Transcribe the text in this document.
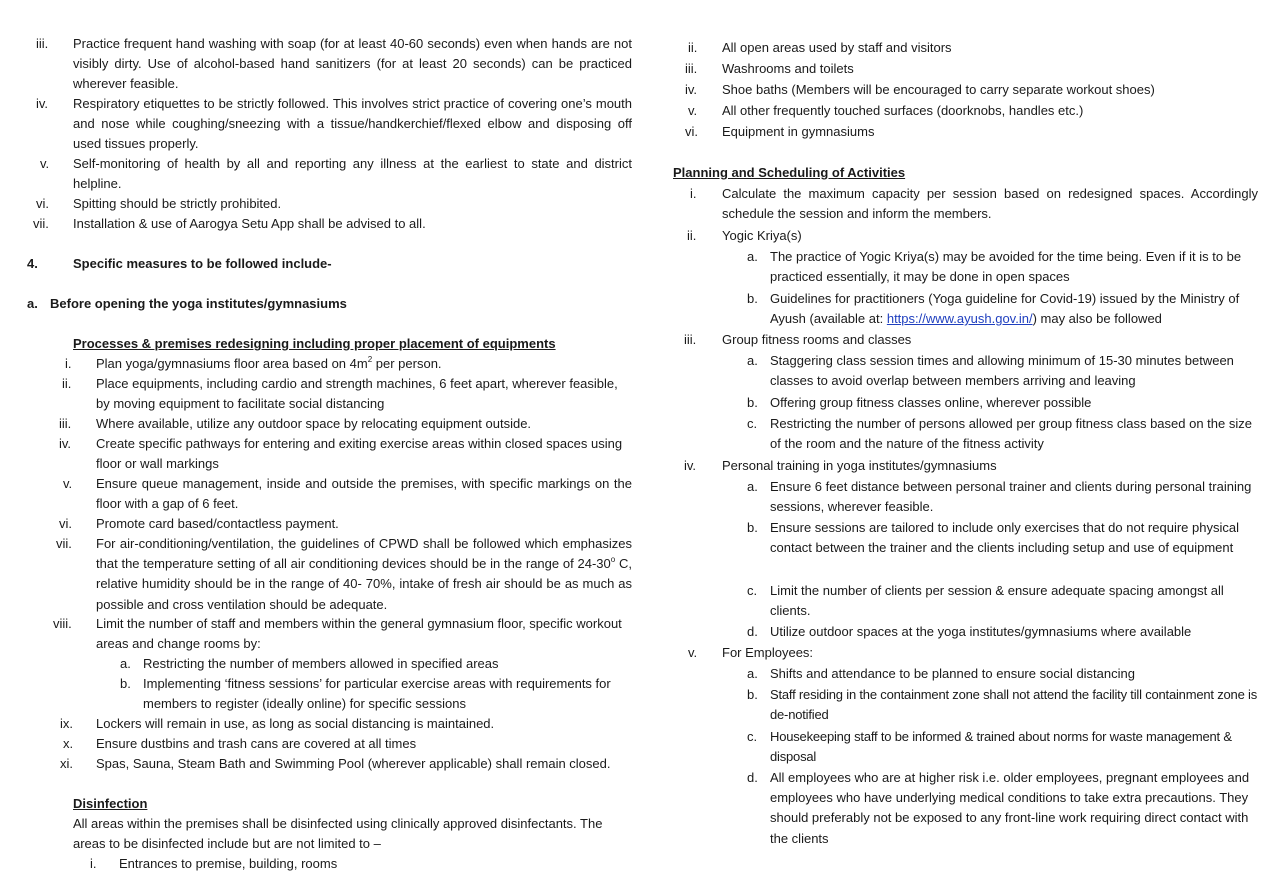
iii. Practice frequent hand washing with soap (for at least 40-60 seconds) even when hands are not visibly dirty. Use of alcohol-based hand sanitizers (for at least 20 seconds) can be practiced wherever feasible.
iv. Respiratory etiquettes to be strictly followed. This involves strict practice of covering one’s mouth and nose while coughing/sneezing with a tissue/handkerchief/flexed elbow and disposing off used tissues properly.
v. Self-monitoring of health by all and reporting any illness at the earliest to state and district helpline.
vi. Spitting should be strictly prohibited.
vii. Installation & use of Aarogya Setu App shall be advised to all.
4.	Specific measures to be followed include-
a. Before opening the yoga institutes/gymnasiums
Processes & premises redesigning including proper placement of equipments
i. Plan yoga/gymnasiums floor area based on $4m^2$ per person.
ii. Place equipments, including cardio and strength machines, 6 feet apart, wherever feasible, by moving equipment to facilitate social distancing
iii. Where available, utilize any outdoor space by relocating equipment outside.
iv. Create specific pathways for entering and exiting exercise areas within closed spaces using floor or wall markings
v. Ensure queue management, inside and outside the premises, with specific markings on the floor with a gap of 6 feet.
vi. Promote card based/contactless payment.
vii. For air-conditioning/ventilation, the guidelines of CPWD shall be followed which emphasizes that the temperature setting of all air conditioning devices should be in the range of 24-30$^o$ C, relative humidity should be in the range of 40- 70%, intake of fresh air should be as much as possible and cross ventilation should be adequate.
viii. Limit the number of staff and members within the general gymnasium floor, specific workout areas and change rooms by:
a. Restricting the number of members allowed in specified areas
b. Implementing ‘fitness sessions’ for particular exercise areas with requirements for members to register (ideally online) for specific sessions
ix. Lockers will remain in use, as long as social distancing is maintained.
x. Ensure dustbins and trash cans are covered at all times
xi. Spas, Sauna, Steam Bath and Swimming Pool (wherever applicable) shall remain closed.
Disinfection
All areas within the premises shall be disinfected using clinically approved disinfectants. The areas to be disinfected include but are not limited to –
i. Entrances to premise, building, rooms
ii. All open areas used by staff and visitors
iii. Washrooms and toilets
iv. Shoe baths (Members will be encouraged to carry separate workout shoes)
v. All other frequently touched surfaces (doorknobs, handles etc.)
vi. Equipment in gymnasiums
Planning and Scheduling of Activities
i. Calculate the maximum capacity per session based on redesigned spaces. Accordingly schedule the session and inform the members.
ii. Yogic Kriya(s)
a. The practice of Yogic Kriya(s) may be avoided for the time being. Even if it is to be practiced essentially, it may be done in open spaces
b. Guidelines for practitioners (Yoga guideline for Covid-19) issued by the Ministry of Ayush (available at: https://www.ayush.gov.in/) may also be followed
iii. Group fitness rooms and classes
a. Staggering class session times and allowing minimum of 15-30 minutes between classes to avoid overlap between members arriving and leaving
b. Offering group fitness classes online, wherever possible
c. Restricting the number of persons allowed per group fitness class based on the size of the room and the nature of the fitness activity
iv. Personal training in yoga institutes/gymnasiums
a. Ensure 6 feet distance between personal trainer and clients during personal training sessions, wherever feasible.
b. Ensure sessions are tailored to include only exercises that do not require physical contact between the trainer and the clients including setup and use of equipment
c. Limit the number of clients per session & ensure adequate spacing amongst all clients.
d. Utilize outdoor spaces at the yoga institutes/gymnasiums where available
v. For Employees:
a. Shifts and attendance to be planned to ensure social distancing
b. Staff residing in the containment zone shall not attend the facility till containment zone is de-notified
c. Housekeeping staff to be informed & trained about norms for waste management & disposal
d. All employees who are at higher risk i.e. older employees, pregnant employees and employees who have underlying medical conditions to take extra precautions. They should preferably not be exposed to any front-line work requiring direct contact with the clients
